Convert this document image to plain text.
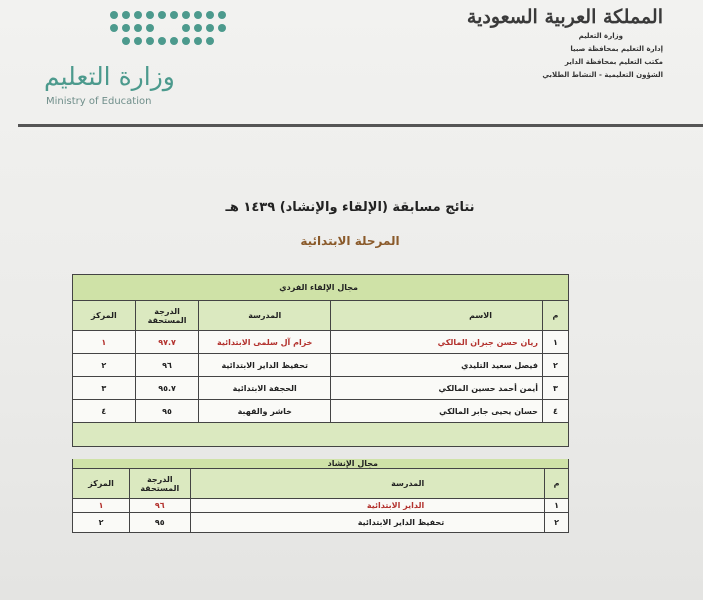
المملكة العربية السعودية
وزارة التعليم
إدارة التعليم بمحافظة صبيا
مكتب التعليم بمحافظة الداير
الشؤون التعليمية - النشاط الطلابي
وزارة التعليم
Ministry of Education
نتائج مسابقة (الإلقاء والإنشاد) ١٤٣٩ هـ
المرحلة الابتدائية
مجال الإلقاء الفردي				
م	الاسم	المدرسة	الدرجة المستحقة	المركز
١	ريان حسن جبران المالكي	خزام آل سلمى الابتدائية	٩٧.٧	١
٢	فيصل سعيد التليدي	تحفيظ الداير الابتدائية	٩٦	٢
٣	أيمن أحمد حسين المالكي	الحجفة الابتدائية	٩٥.٧	٣
٤	حسان يحيى جابر المالكي	خاشر والقهبة	٩٥	٤

مجال الإنشاد			
م	المدرسة	الدرجة المستحقة	المركز
١	الداير الابتدائية	٩٦	١
٢	تحفيظ الداير الابتدائية	٩٥	٢
